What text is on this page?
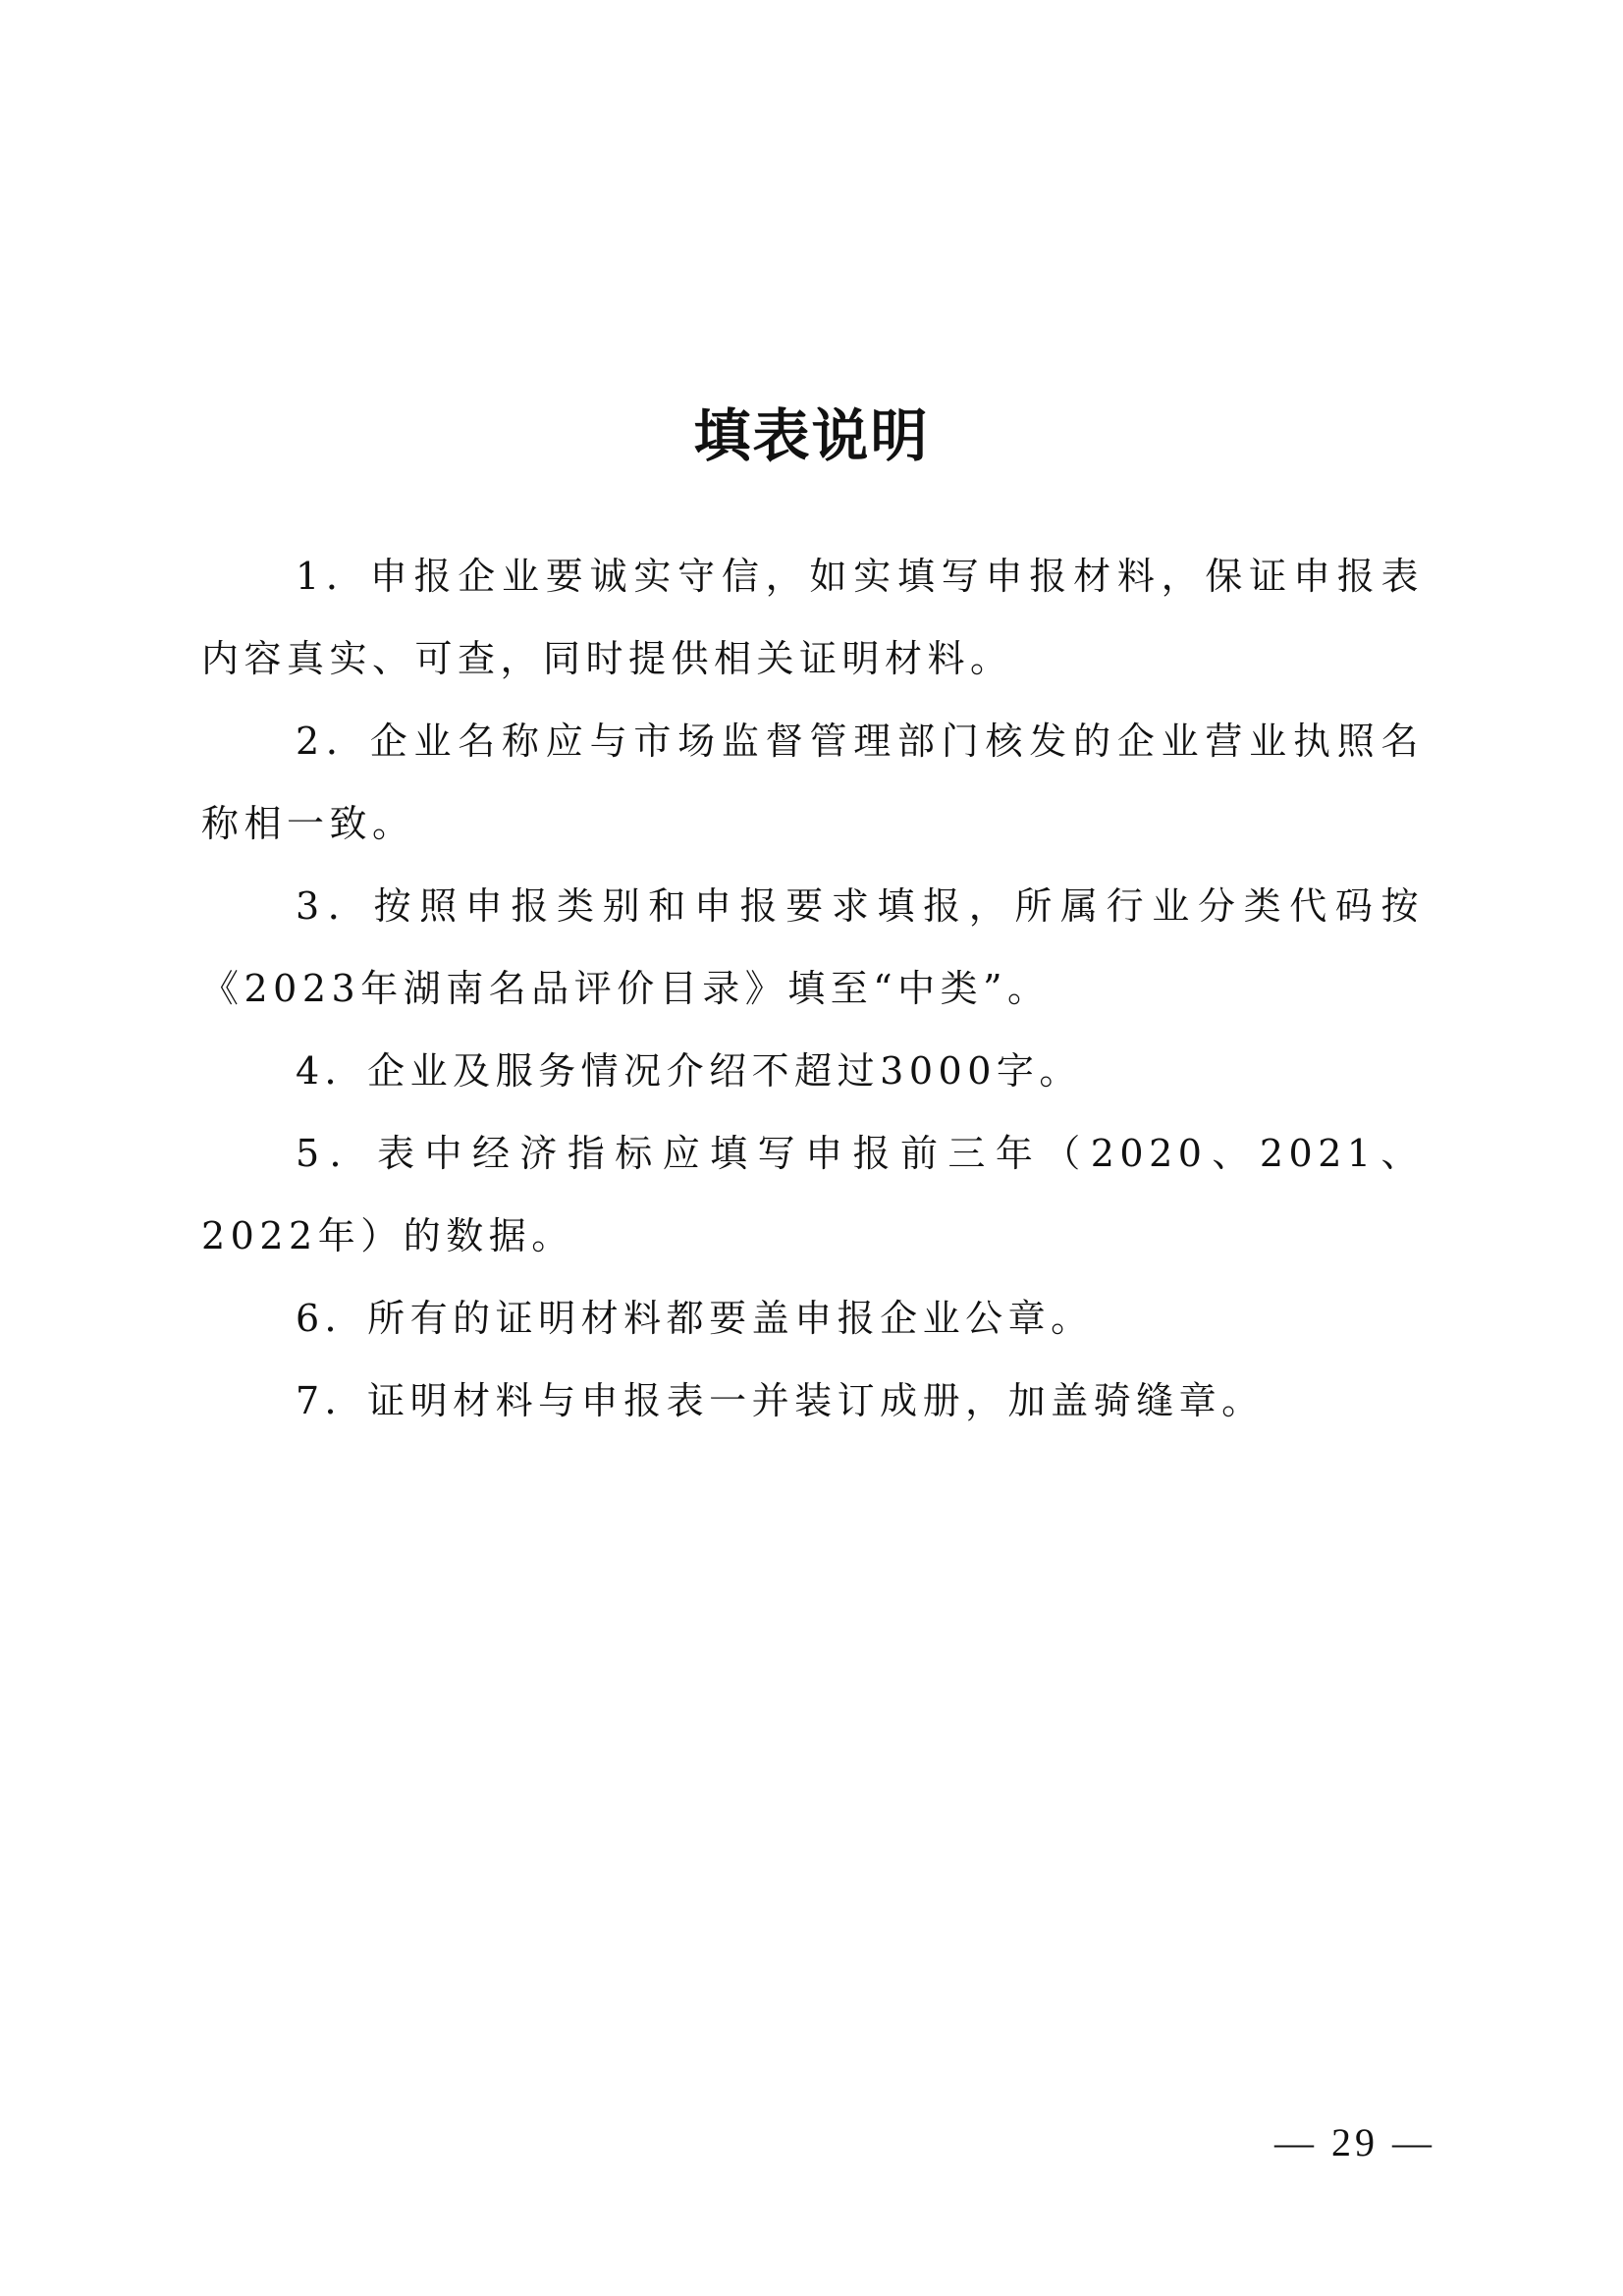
填表说明

1．申报企业要诚实守信，如实填写申报材料，保证申报表内容真实、可查，同时提供相关证明材料。

2．企业名称应与市场监督管理部门核发的企业营业执照名称相一致。

3．按照申报类别和申报要求填报，所属行业分类代码按《2023年湖南名品评价目录》填至“中类”。

4．企业及服务情况介绍不超过3000字。

5．表中经济指标应填写申报前三年（2020、2021、2022年）的数据。

6．所有的证明材料都要盖申报企业公章。

7．证明材料与申报表一并装订成册，加盖骑缝章。

— 29 —
